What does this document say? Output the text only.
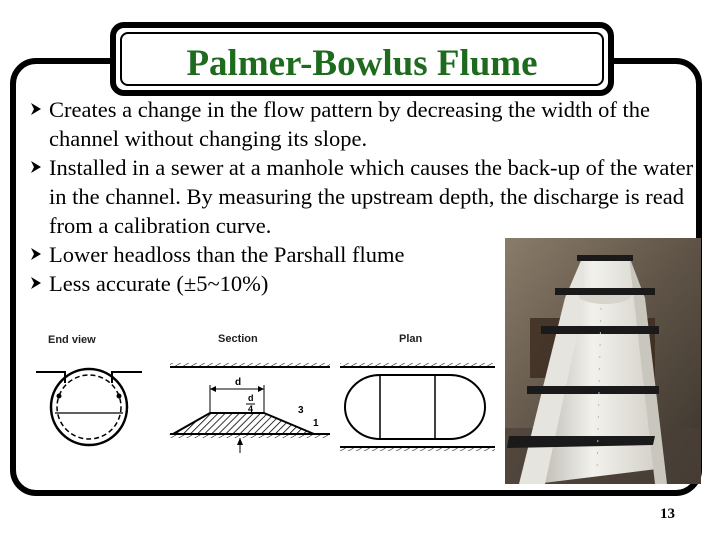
Palmer-Bowlus Flume
Creates a change in the flow pattern by decreasing the width of the channel without changing its slope.
Installed in a sewer at a manhole which causes the back-up of the water in the channel. By measuring the upstream depth, the discharge is read from a calibration curve.
Lower headloss than the Parshall flume
Less accurate (±5~10%)
End view	Section	Plan
d
d
4	3
1
13
